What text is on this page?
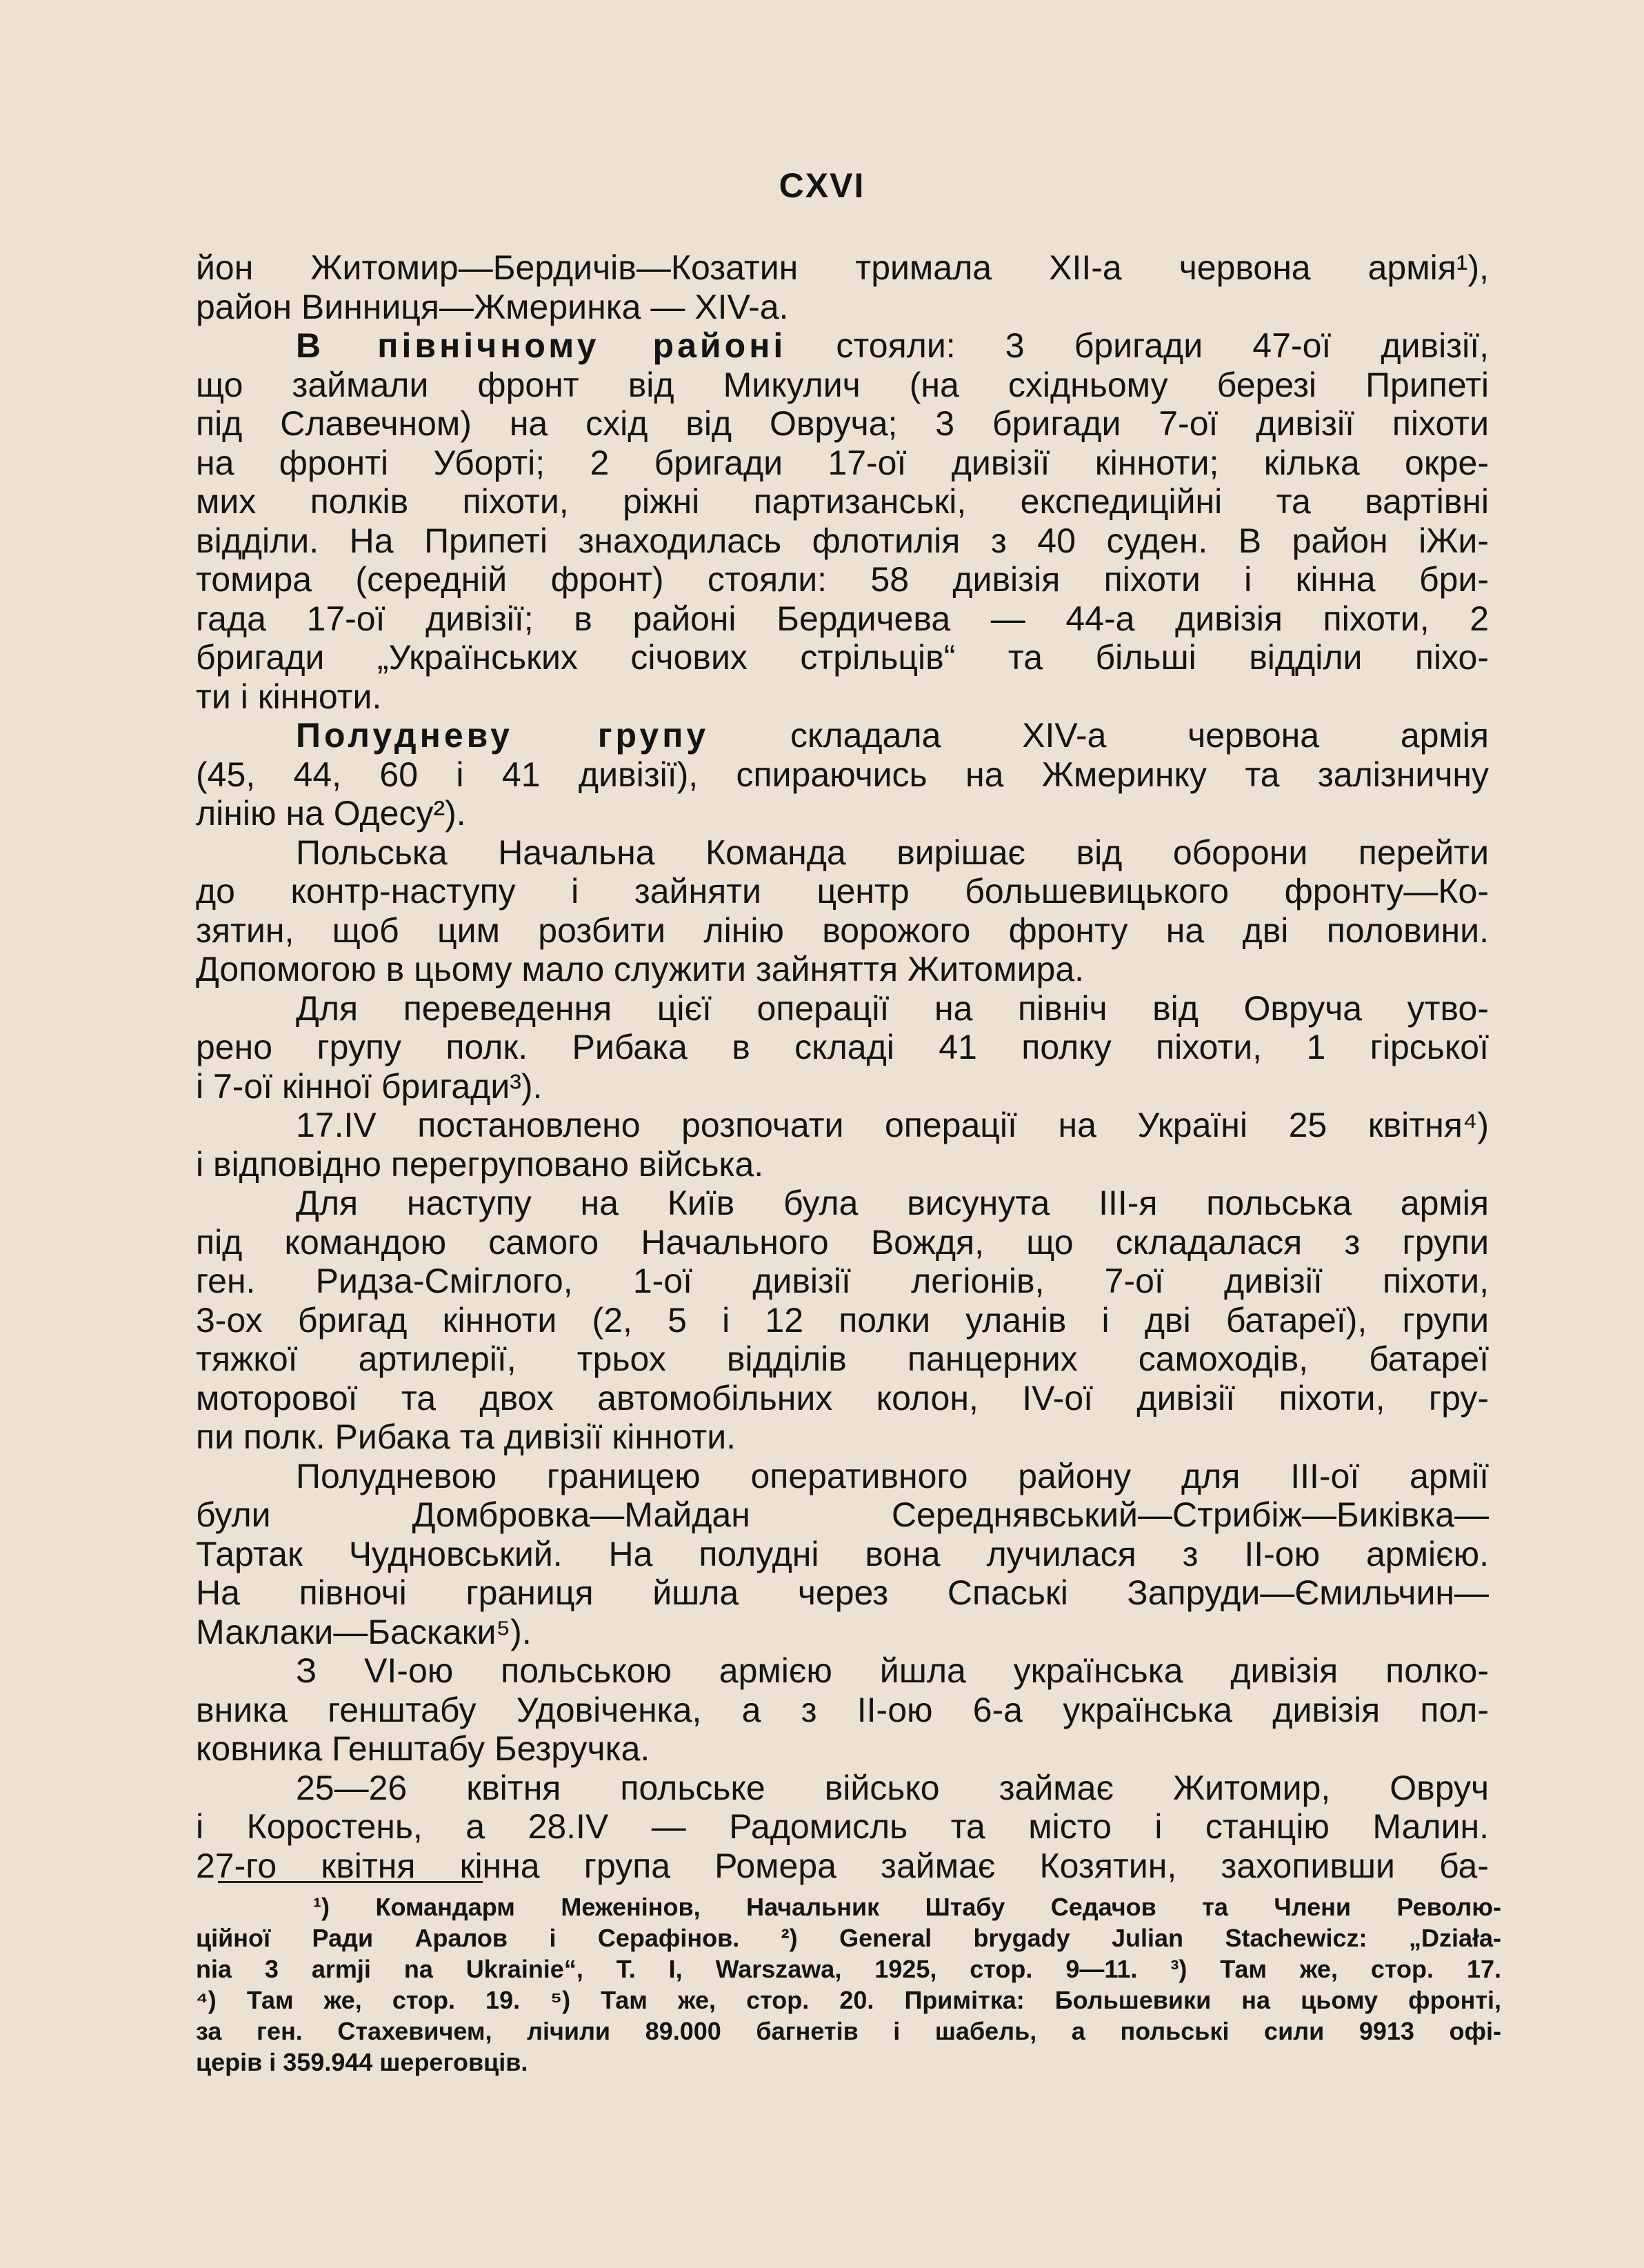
CXVI
йон Житомир—Бердичів—Козатин тримала XII-а червона армія¹),
район Винниця—Жмеринка — XIV-а.
В північному районі стояли: 3 бригади 47-ої дивізії,
що займали фронт від Микулич (на східньому березі Припеті
під Славечном) на схід від Овруча; 3 бригади 7-ої дивізії піхоти
на фронті Уборті; 2 бригади 17-ої дивізії кінноти; кілька окре-
мих полків піхоти, ріжні партизанські, експедиційні та вартівні
відділи. На Припеті знаходилась флотилія з 40 суден. В район іЖи-
томира (середній фронт) стояли: 58 дивізія піхоти і кінна бри-
гада 17-ої дивізії; в районі Бердичева — 44-а дивізія піхоти, 2
бригади „Українських січових стрільців“ та більші відділи піхо-
ти і кінноти.
Полудневу групу складала XIV-а червона армія
(45, 44, 60 і 41 дивізії), спираючись на Жмеринку та залізничну
лінію на Одесу²).
Польська Начальна Команда вирішає від оборони перейти
до контр-наступу і зайняти центр большевицького фронту—Ко-
зятин, щоб цим розбити лінію ворожого фронту на дві половини.
Допомогою в цьому мало служити зайняття Житомира.
Для переведення цієї операції на північ від Овруча утво-
рено групу полк. Рибака в складі 41 полку піхоти, 1 гірської
і 7-ої кінної бригади³).
17.IV постановлено розпочати операції на Україні 25 квітня⁴)
і відповідно перегруповано війська.
Для наступу на Київ була висунута III-я польська армія
під командою самого Начального Вождя, що складалася з групи
ген. Ридза-Сміглого, 1-ої дивізії легіонів, 7-ої дивізії піхоти,
3-ох бригад кінноти (2, 5 і 12 полки уланів і дві батареї), групи
тяжкої артилерії, трьох відділів панцерних самоходів, батареї
моторової та двох автомобільних колон, IV-ої дивізії піхоти, гру-
пи полк. Рибака та дивізії кінноти.
Полудневою границею оперативного району для III-ої армії
були Домбровка—Майдан Середнявський—Стрибіж—Биківка—
Тартак Чудновський. На полудні вона лучилася з II-ою армією.
На півночі границя йшла через Спаські Запруди—Ємильчин—
Маклаки—Баскаки⁵).
З VI-ою польською армією йшла українська дивізія полко-
вника генштабу Удовіченка, а з II-ою 6-а українська дивізія пол-
ковника Генштабу Безручка.
25—26 квітня польське військо займає Житомир, Овруч
і Коростень, а 28.IV — Радомисль та місто і станцію Малин.
27-го квітня кінна група Ромера займає Козятин, захопивши ба-
¹) Командарм Меженінов, Начальник Штабу Седачов та Члени Револю-
ційної Ради Аралов і Серафінов. ²) General brygady Julian Stachewicz: „Działa-
nia 3 armji na Ukrainie“, T. I, Warszawa, 1925, стор. 9—11. ³) Там же, стор. 17.
⁴) Там же, стор. 19. ⁵) Там же, стор. 20. Примітка: Большевики на цьому фронті,
за ген. Стахевичем, лічили 89.000 багнетів і шабель, а польські сили 9913 офі-
церів і 359.944 шереговців.
